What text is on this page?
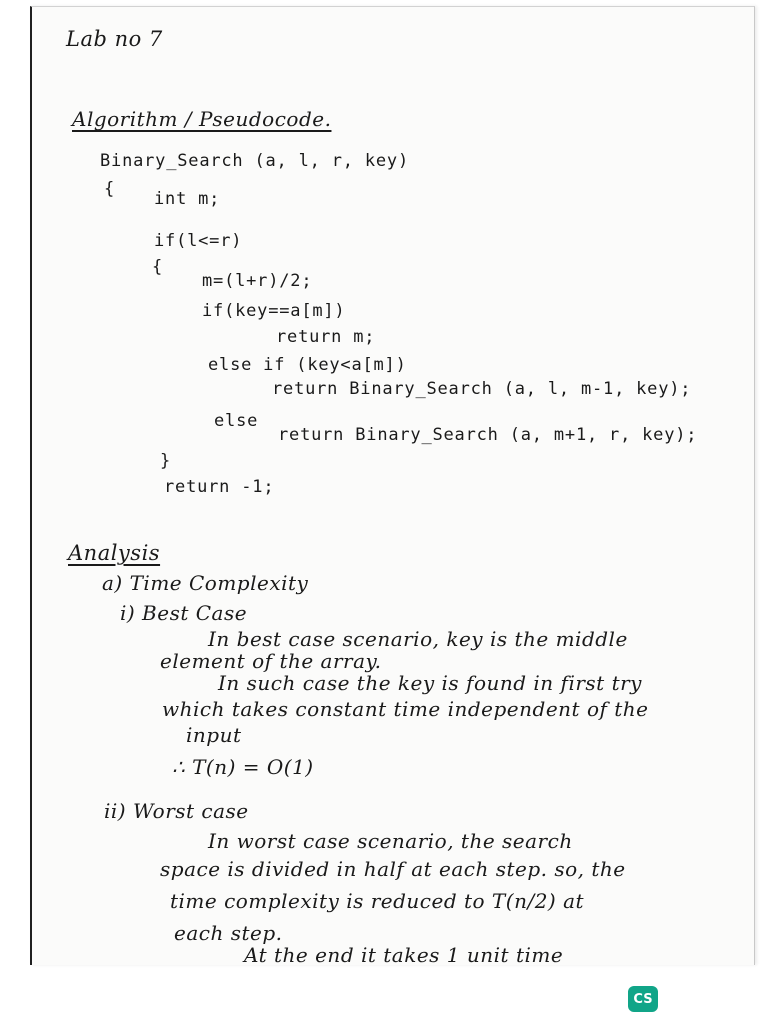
Lab no 7
Algorithm / Pseudocode.
Binary_Search (a, l, r, key)
{ int m;
if(l<=r)
{
m=(l+r)/2;
if(key==a[m])
return m;
else if (key<a[m])
return Binary_Search (a, l, m-1, key);
else
return Binary_Search (a, m+1, r, key);
}
return -1;
Analysis
a) Time Complexity
i) Best Case
In best case scenario, key is the middle
element of the array.
In such case the key is found in first try
which takes constant time independent of the
input
∴ T(n) = O(1)
ii) Worst case
In worst case scenario, the search
space is divided in half at each step. so, the
time complexity is reduced to T(n/2) at
each step.
At the end it takes 1 unit time
CS
